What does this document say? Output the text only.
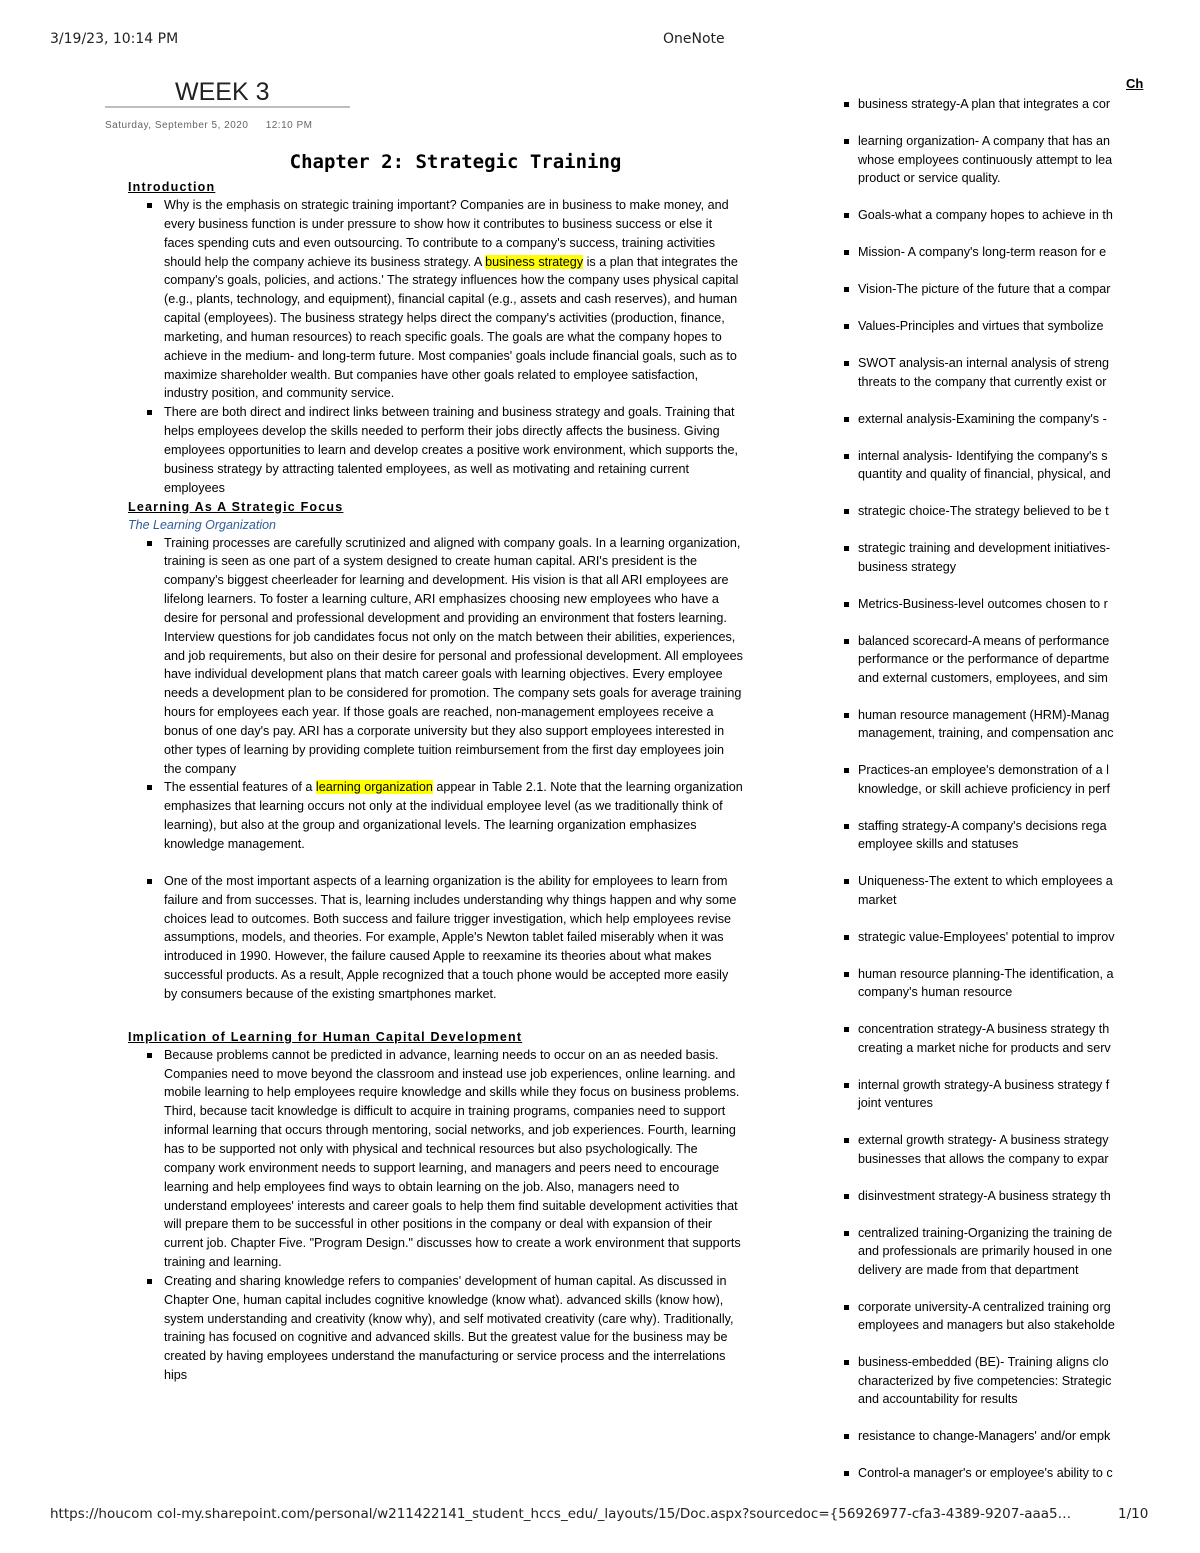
3/19/23, 10:14 PM	OneNote
WEEK 3
Saturday, September 5, 2020 12:10 PM
Chapter 2: Strategic Training
Introduction
Why is the emphasis on strategic training important? Companies are in business to make money, and every business function is under pressure to show how it contributes to business success or else it faces spending cuts and even outsourcing. To contribute to a company's success, training activities should help the company achieve its business strategy. A business strategy is a plan that integrates the company's goals, policies, and actions.' The strategy influences how the company uses physical capital (e.g., plants, technology, and equipment), financial capital (e.g., assets and cash reserves), and human capital (employees). The business strategy helps direct the company's activities (production, finance, marketing, and human resources) to reach specific goals. The goals are what the company hopes to achieve in the medium- and long-term future. Most companies' goals include financial goals, such as to maximize shareholder wealth. But companies have other goals related to employee satisfaction, industry position, and community service.
There are both direct and indirect links between training and business strategy and goals. Training that helps employees develop the skills needed to perform their jobs directly affects the business. Giving employees opportunities to learn and develop creates a positive work environment, which supports the, business strategy by attracting talented employees, as well as motivating and retaining current employees
Learning As A Strategic Focus
The Learning Organization
Training processes are carefully scrutinized and aligned with company goals. In a learning organization, training is seen as one part of a system designed to create human capital. ARI's president is the company's biggest cheerleader for learning and development. His vision is that all ARI employees are lifelong learners. To foster a learning culture, ARI emphasizes choosing new employees who have a desire for personal and professional development and providing an environment that fosters learning. Interview questions for job candidates focus not only on the match between their abilities, experiences, and job requirements, but also on their desire for personal and professional development. All employees have individual development plans that match career goals with learning objectives. Every employee needs a development plan to be considered for promotion. The company sets goals for average training hours for employees each year. If those goals are reached, non-management employees receive a bonus of one day's pay. ARI has a corporate university but they also support employees interested in other types of learning by providing complete tuition reimbursement from the first day employees join the company
The essential features of a learning organization appear in Table 2.1. Note that the learning organization emphasizes that learning occurs not only at the individual employee level (as we traditionally think of learning), but also at the group and organizational levels. The learning organization emphasizes knowledge management.
One of the most important aspects of a learning organization is the ability for employees to learn from failure and from successes. That is, learning includes understanding why things happen and why some choices lead to outcomes. Both success and failure trigger investigation, which help employees revise assumptions, models, and theories. For example, Apple's Newton tablet failed miserably when it was introduced in 1990. However, the failure caused Apple to reexamine its theories about what makes successful products. As a result, Apple recognized that a touch phone would be accepted more easily by consumers because of the existing smartphones market.
Implication of Learning for Human Capital Development
Because problems cannot be predicted in advance, learning needs to occur on an as needed basis. Companies need to move beyond the classroom and instead use job experiences, online learning. and mobile learning to help employees require knowledge and skills while they focus on business problems. Third, because tacit knowledge is difficult to acquire in training programs, companies need to support informal learning that occurs through mentoring, social networks, and job experiences. Fourth, learning has to be supported not only with physical and technical resources but also psychologically. The company work environment needs to support learning, and managers and peers need to encourage learning and help employees find ways to obtain learning on the job. Also, managers need to understand employees' interests and career goals to help them find suitable development activities that will prepare them to be successful in other positions in the company or deal with expansion of their current job. Chapter Five. "Program Design." discusses how to create a work environment that supports training and learning.
Creating and sharing knowledge refers to companies' development of human capital. As discussed in Chapter One, human capital includes cognitive knowledge (know what). advanced skills (know how), system understanding and creativity (know why), and self motivated creativity (care why). Traditionally, training has focused on cognitive and advanced skills. But the greatest value for the business may be created by having employees understand the manufacturing or service process and the interrelations hips
Ch
business strategy-A plan that integrates a cor
learning organization- A company that has an
whose employees continuously attempt to lea
product or service quality.
Goals-what a company hopes to achieve in th
Mission- A company's long-term reason for e
Vision-The picture of the future that a compar
Values-Principles and virtues that symbolize
SWOT analysis-an internal analysis of streng
threats to the company that currently exist or
external analysis-Examining the company's -
internal analysis- Identifying the company's s
quantity and quality of financial, physical, and
strategic choice-The strategy believed to be t
strategic training and development initiatives-
business strategy
Metrics-Business-level outcomes chosen to r
balanced scorecard-A means of performance
performance or the performance of departme
and external customers, employees, and sim
human resource management (HRM)-Manag
management, training, and compensation anc
Practices-an employee's demonstration of a l
knowledge, or skill achieve proficiency in perf
staffing strategy-A company's decisions rega
employee skills and statuses
Uniqueness-The extent to which employees a
market
strategic value-Employees' potential to improv
human resource planning-The identification, a
company's human resource
concentration strategy-A business strategy th
creating a market niche for products and serv
internal growth strategy-A business strategy f
joint ventures
external growth strategy- A business strategy
businesses that allows the company to expar
disinvestment strategy-A business strategy th
centralized training-Organizing the training de
and professionals are primarily housed in one
delivery are made from that department
corporate university-A centralized training org
employees and managers but also stakeholde
business-embedded (BE)- Training aligns clo
characterized by five competencies: Strategic
and accountability for results
resistance to change-Managers' and/or empk
Control-a manager's or employee's ability to c
https://houcom col-my.sharepoint.com/personal/w211422141_student_hccs_edu/_layouts/15/Doc.aspx?sourcedoc={56926977-cfa3-4389-9207-aaa5…	1/10
